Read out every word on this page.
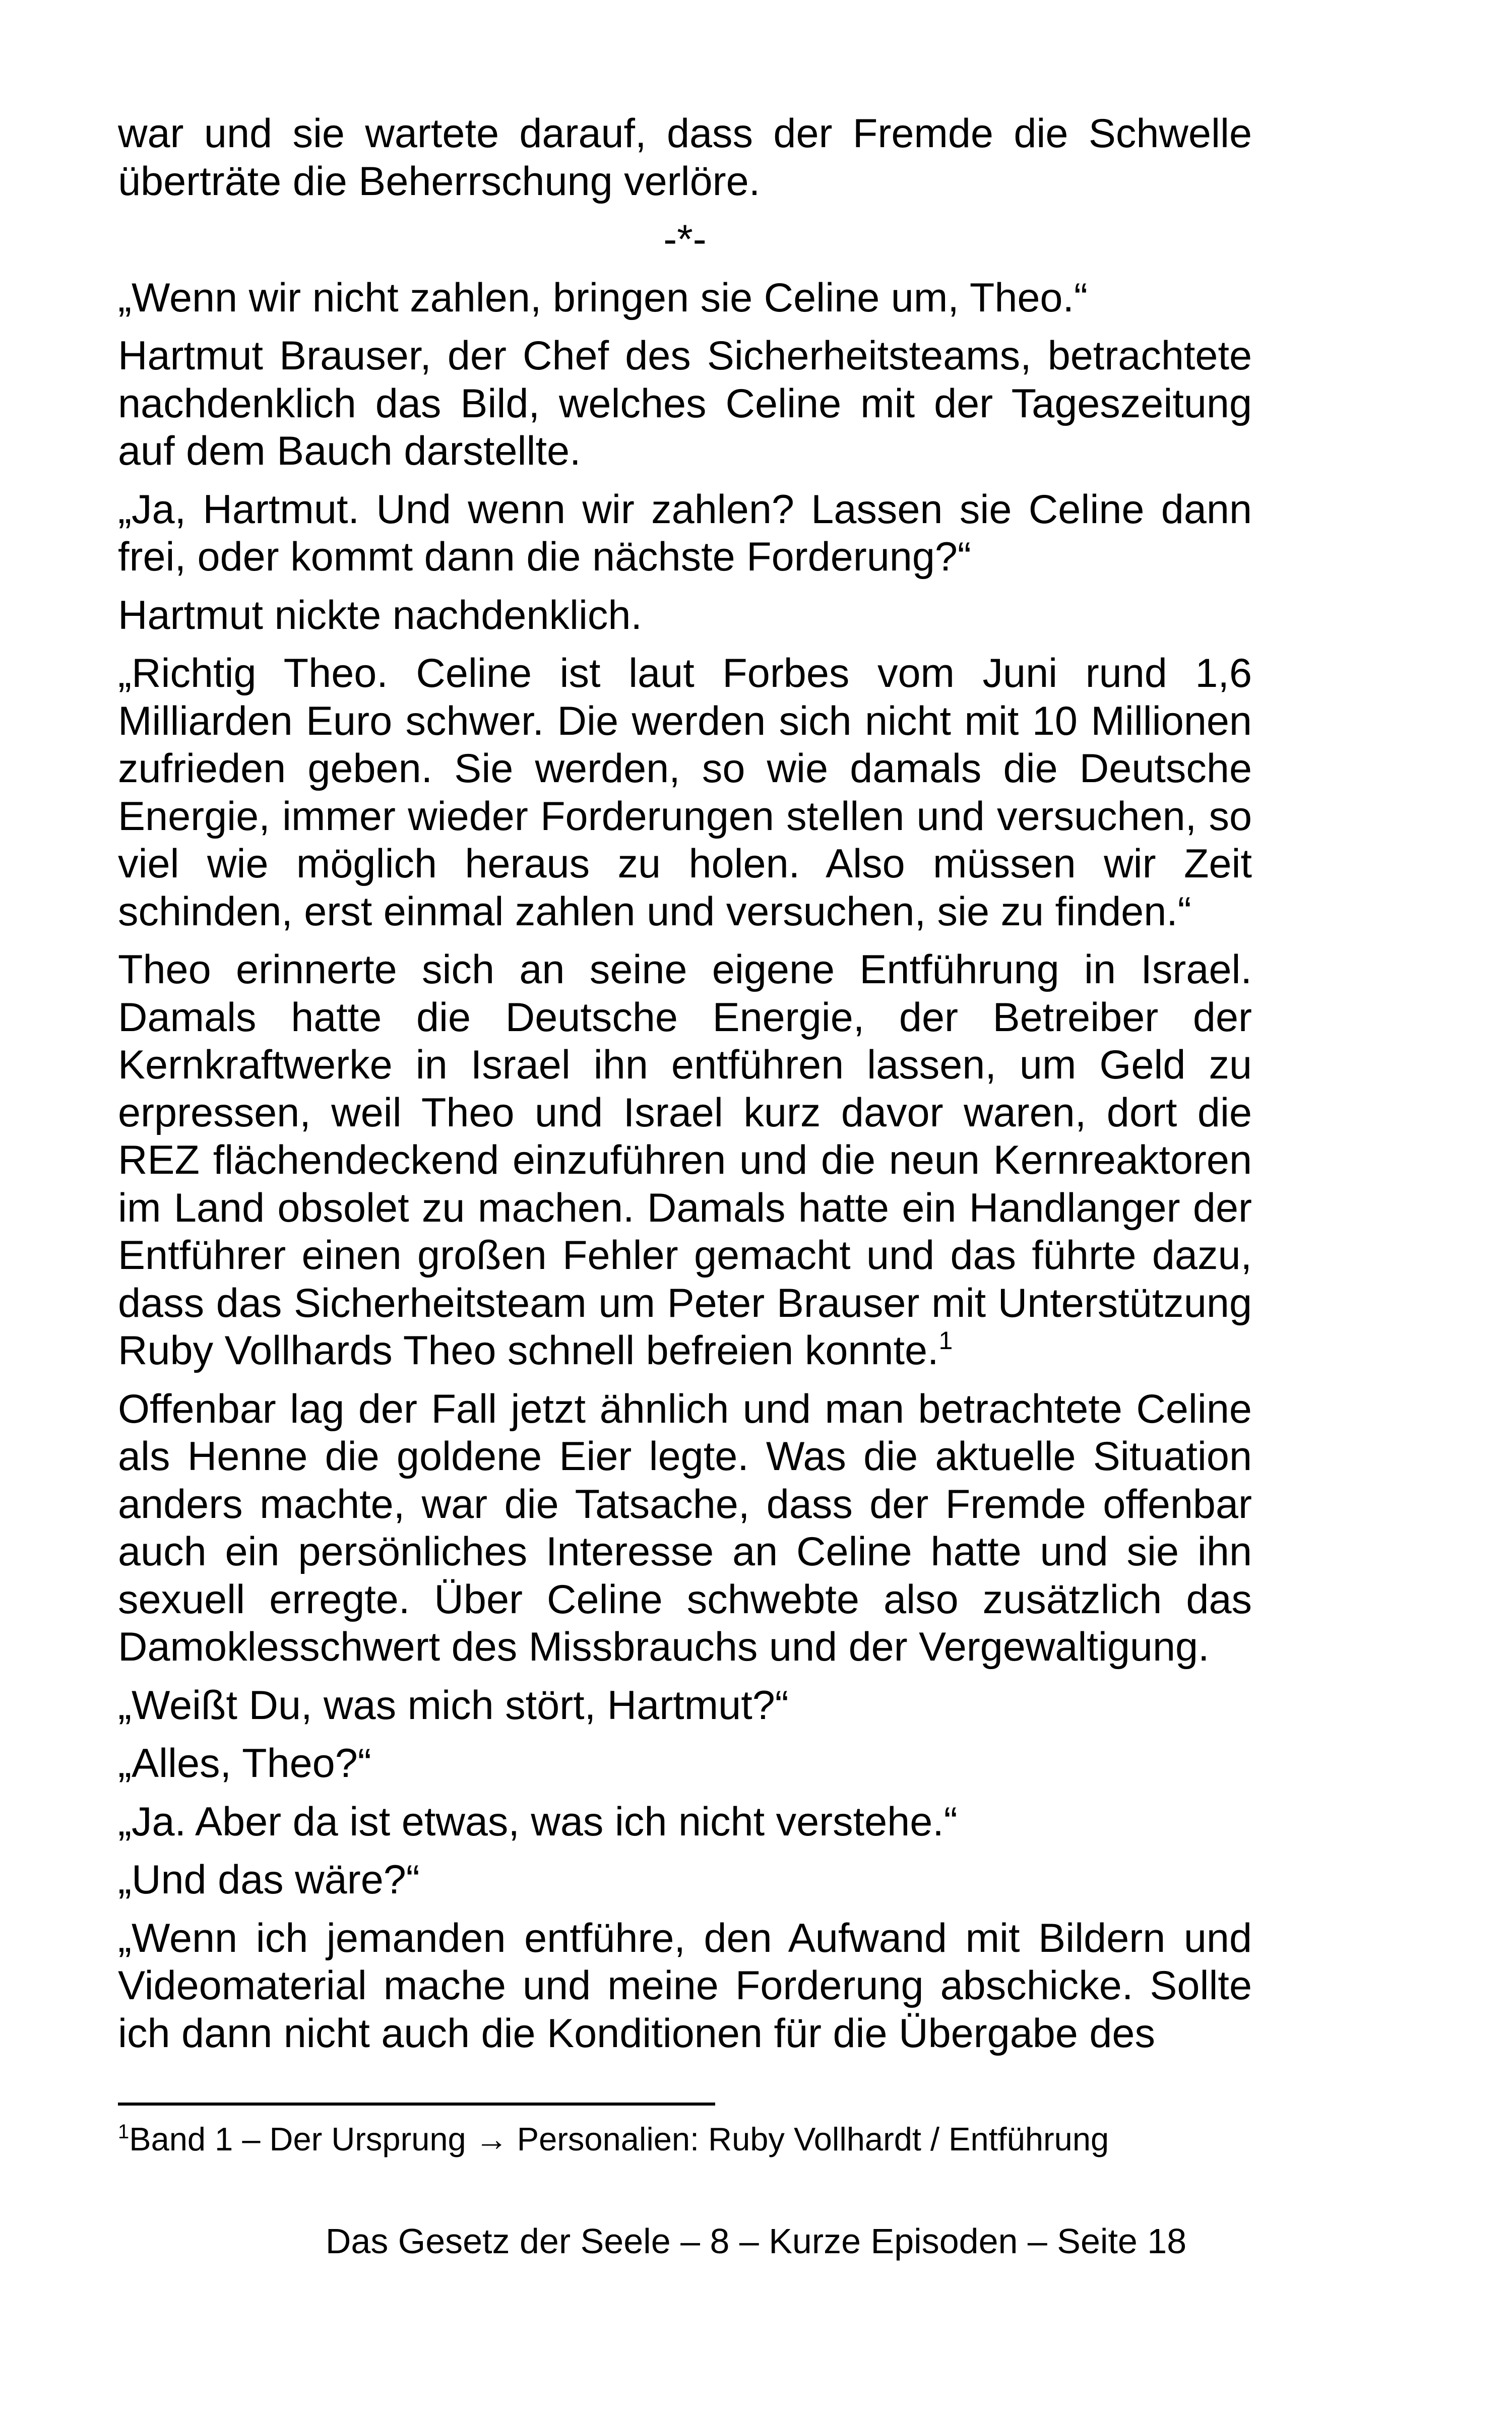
war und sie wartete darauf, dass der Fremde die Schwelle überträte die Beherrschung verlöre.

-*-

„Wenn wir nicht zahlen, bringen sie Celine um, Theo.“

Hartmut Brauser, der Chef des Sicherheitsteams, betrachtete nachdenklich das Bild, welches Celine mit der Tageszeitung auf dem Bauch darstellte.

„Ja, Hartmut. Und wenn wir zahlen? Lassen sie Celine dann frei, oder kommt dann die nächste Forderung?“

Hartmut nickte nachdenklich.

„Richtig Theo. Celine ist laut Forbes vom Juni rund 1,6 Milliarden Euro schwer. Die werden sich nicht mit 10 Millionen zufrieden geben. Sie werden, so wie damals die Deutsche Energie, immer wieder Forderungen stellen und versuchen, so viel wie möglich heraus zu holen. Also müssen wir Zeit schinden, erst einmal zahlen und versuchen, sie zu finden.“

Theo erinnerte sich an seine eigene Entführung in Israel. Damals hatte die Deutsche Energie, der Betreiber der Kernkraftwerke in Israel ihn entführen lassen, um Geld zu erpressen, weil Theo und Israel kurz davor waren, dort die REZ flächendeckend einzuführen und die neun Kernreaktoren im Land obsolet zu machen. Damals hatte ein Handlanger der Entführer einen großen Fehler gemacht und das führte dazu, dass das Sicherheitsteam um Peter Brauser mit Unterstützung Ruby Vollhards Theo schnell befreien konnte.$^1$

Offenbar lag der Fall jetzt ähnlich und man betrachtete Celine als Henne die goldene Eier legte. Was die aktuelle Situation anders machte, war die Tatsache, dass der Fremde offenbar auch ein persönliches Interesse an Celine hatte und sie ihn sexuell erregte. Über Celine schwebte also zusätzlich das Damoklesschwert des Missbrauchs und der Vergewaltigung.

„Weißt Du, was mich stört, Hartmut?“

„Alles, Theo?“

„Ja. Aber da ist etwas, was ich nicht verstehe.“

„Und das wäre?“

„Wenn ich jemanden entführe, den Aufwand mit Bildern und Videomaterial mache und meine Forderung abschicke. Sollte ich dann nicht auch die Konditionen für die Übergabe des

$^1$Band 1 – Der Ursprung → Personalien: Ruby Vollhardt / Entführung
Das Gesetz der Seele – 8 – Kurze Episoden – Seite 18
